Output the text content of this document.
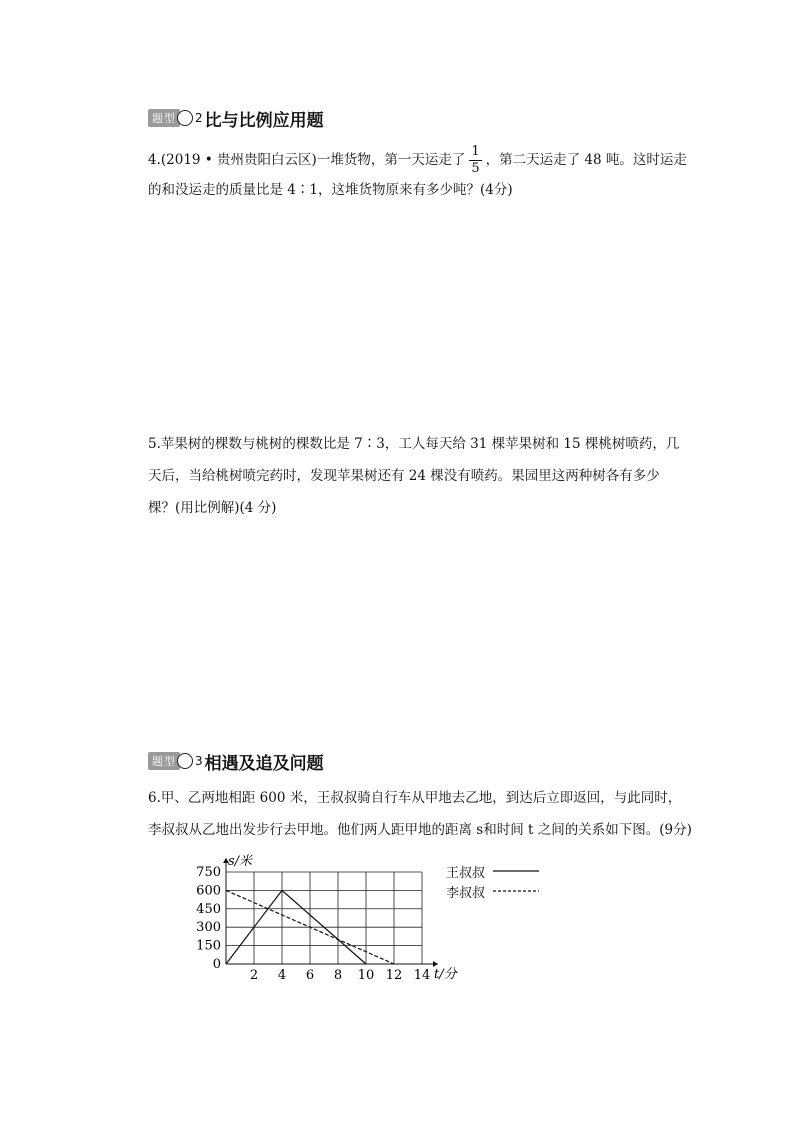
题型	2 比与比例应用题
4.(2019 • 贵州贵阳白云区)一堆货物，第一天运走了 $\frac{1}{5}$ ，第二天运走了 48 吨。这时运走
的和没运走的质量比是 4∶1，这堆货物原来有多少吨？(4分)
5.苹果树的棵数与桃树的棵数比是 7∶3，工人每天给 31 棵苹果树和 15 棵桃树喷药，几
天后，当给桃树喷完药时，发现苹果树还有 24 棵没有喷药。果园里这两种树各有多少
棵？(用比例解)(4 分)
题型	3 相遇及追及问题
6.甲、乙两地相距 600 米，王叔叔骑自行车从甲地去乙地，到达后立即返回，与此同时，
李叔叔从乙地出发步行去甲地。他们两人距甲地的距离 s和时间 t 之间的关系如下图。(9分)
0
150
300
450
600
750
2 4 6 8 10 12 14
s/米
t/分
王叔叔
李叔叔
